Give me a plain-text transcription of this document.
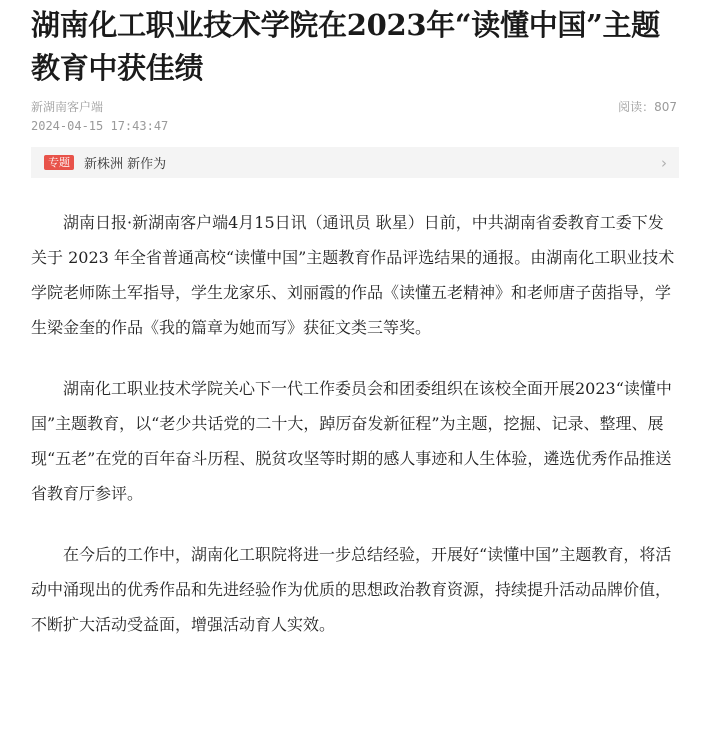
湖南化工职业技术学院在2023年“读懂中国”主题教育中获佳绩
新湖南客户端
2024-04-15 17:43:47
阅读：807
专题	新株洲 新作为	›

湖南日报·新湖南客户端4月15日讯（通讯员 耿星）日前，中共湖南省委教育工委下发关于 2023 年全省普通高校“读懂中国”主题教育作品评选结果的通报。由湖南化工职业技术学院老师陈土军指导，学生龙家乐、刘丽霞的作品《读懂五老精神》和老师唐子茵指导，学生梁金奎的作品《我的篇章为她而写》获征文类三等奖。

湖南化工职业技术学院关心下一代工作委员会和团委组织在该校全面开展2023“读懂中国”主题教育，以“老少共话党的二十大，踔厉奋发新征程”为主题，挖掘、记录、整理、展现“五老”在党的百年奋斗历程、脱贫攻坚等时期的感人事迹和人生体验，遴选优秀作品推送省教育厅参评。

在今后的工作中，湖南化工职院将进一步总结经验，开展好“读懂中国”主题教育，将活动中涌现出的优秀作品和先进经验作为优质的思想政治教育资源，持续提升活动品牌价值，不断扩大活动受益面，增强活动育人实效。
